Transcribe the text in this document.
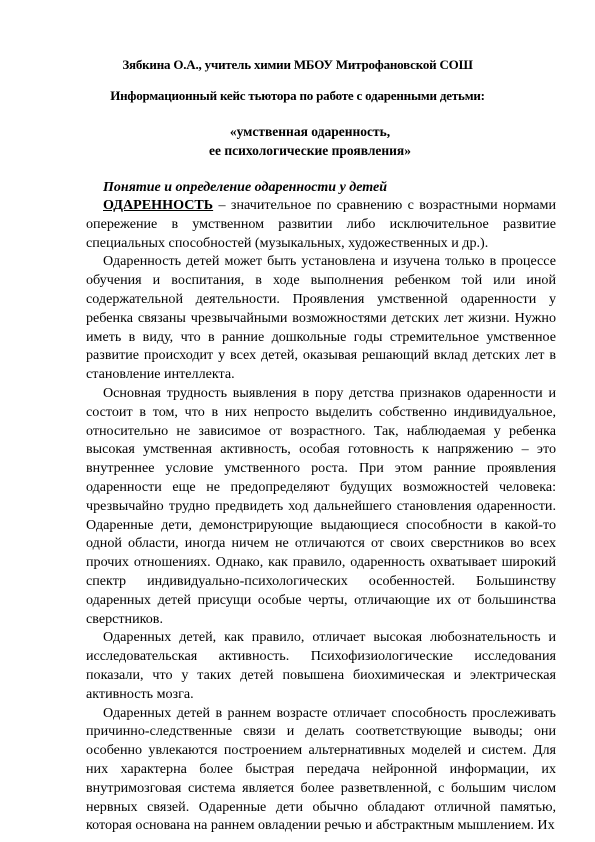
Зябкина О.А., учитель химии МБОУ Митрофановской СОШ
Информационный кейс тьютора по работе с одаренными детьми:
«умственная одаренность,
ее психологические проявления»
Понятие и определение одаренности у детей

ОДАРЕННОСТЬ – значительное по сравнению с возрастными нормами опережение в умственном развитии либо исключительное развитие специальных способностей (музыкальных, художественных и др.).

Одаренность детей может быть установлена и изучена только в процессе обучения и воспитания, в ходе выполнения ребенком той или иной содержательной деятельности. Проявления умственной одаренности у ребенка связаны чрезвычайными возможностями детских лет жизни. Нужно иметь в виду, что в ранние дошкольные годы стремительное умственное развитие происходит у всех детей, оказывая решающий вклад детских лет в становление интеллекта.

Основная трудность выявления в пору детства признаков одаренности и состоит в том, что в них непросто выделить собственно индивидуальное, относительно не зависимое от возрастного. Так, наблюдаемая у ребенка высокая умственная активность, особая готовность к напряжению – это внутреннее условие умственного роста. При этом ранние проявления одаренности еще не предопределяют будущих возможностей человека: чрезвычайно трудно предвидеть ход дальнейшего становления одаренности. Одаренные дети, демонстрирующие выдающиеся способности в какой-то одной области, иногда ничем не отличаются от своих сверстников во всех прочих отношениях. Однако, как правило, одаренность охватывает широкий спектр индивидуально-психологических особенностей. Большинству одаренных детей присущи особые черты, отличающие их от большинства сверстников.

Одаренных детей, как правило, отличает высокая любознательность и исследовательская активность. Психофизиологические исследования показали, что у таких детей повышена биохимическая и электрическая активность мозга.

Одаренных детей в раннем возрасте отличает способность прослеживать причинно-следственные связи и делать соответствующие выводы; они особенно увлекаются построением альтернативных моделей и систем. Для них характерна более быстрая передача нейронной информации, их внутримозговая система является более разветвленной, с большим числом нервных связей. Одаренные дети обычно обладают отличной памятью, которая основана на раннем овладении речью и абстрактным мышлением. Их
